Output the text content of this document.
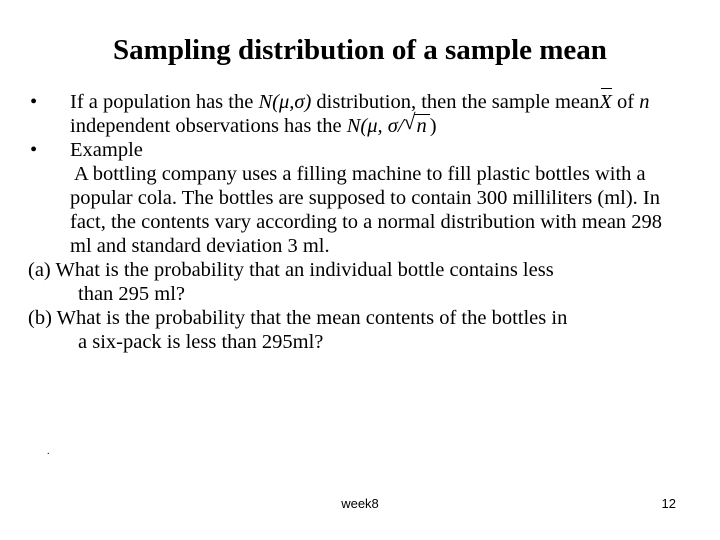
Sampling distribution of a sample mean
• If a population has the N(μ,σ) distribution, then the sample meanX of n independent observations has the N(μ, σ/ √ n )
• Example
A bottling company uses a filling machine to fill plastic bottles with a popular cola. The bottles are supposed to contain 300 milliliters (ml). In fact, the contents vary according to a normal distribution with mean 298 ml and standard deviation 3 ml.
(a) What is the probability that an individual bottle contains less
than 295 ml?
(b) What is the probability that the mean contents of the bottles in
a six-pack is less than 295ml?
.
week8	12
